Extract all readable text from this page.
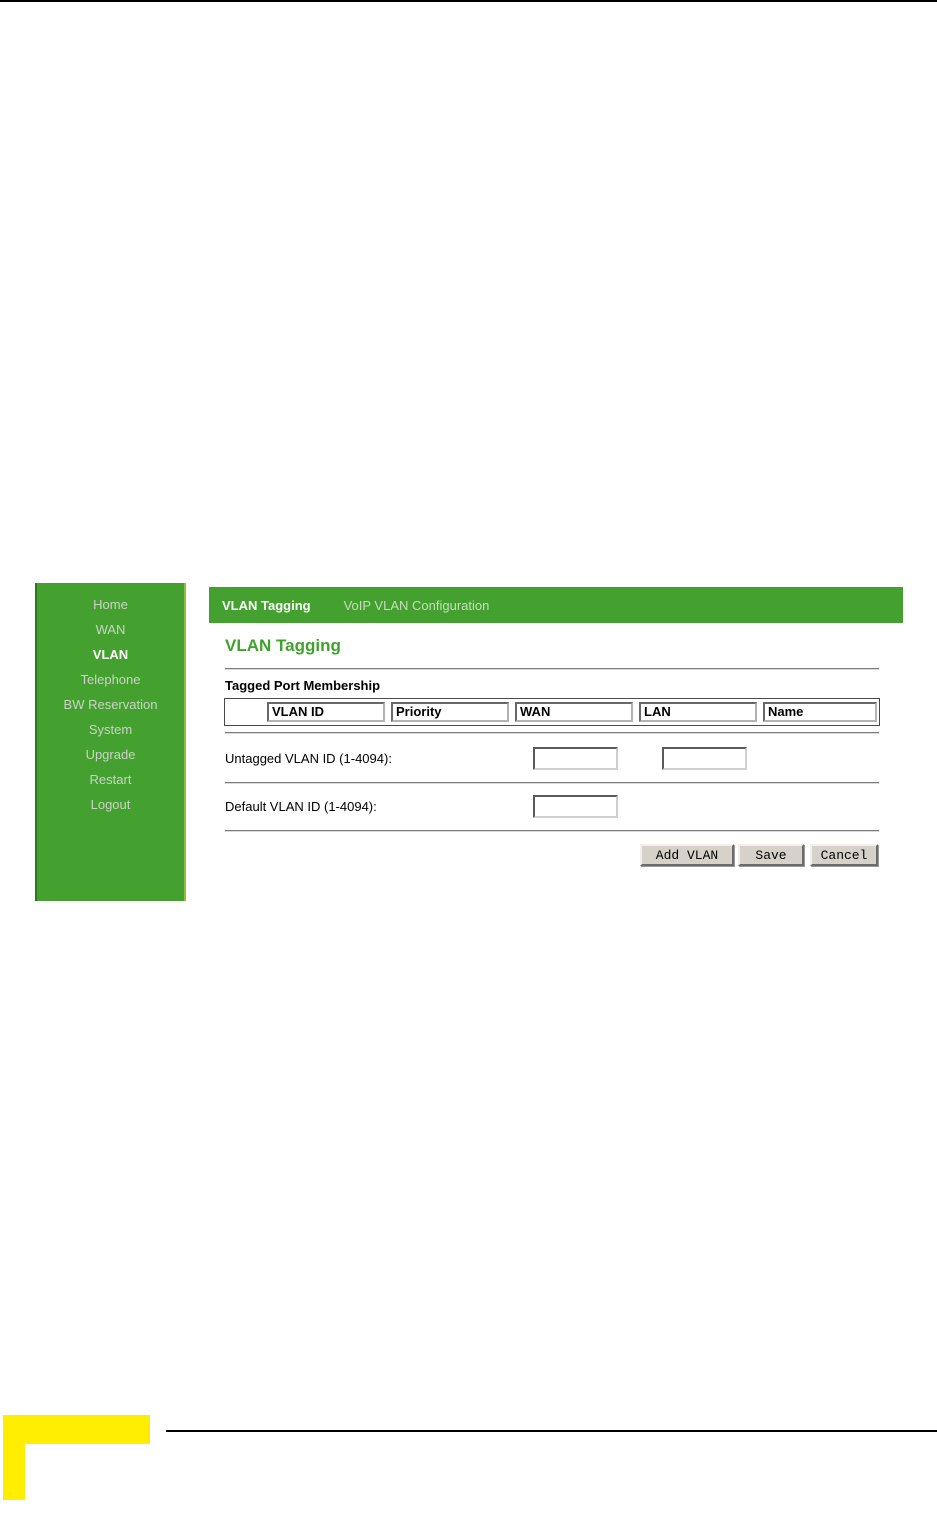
Home
WAN
VLAN
Telephone
BW Reservation
System
Upgrade
Restart
Logout
VLAN Tagging	VoIP VLAN Configuration
VLAN Tagging
Tagged Port Membership
VLAN ID	Priority	WAN	LAN	Name
Untagged VLAN ID (1-4094):
Default VLAN ID (1-4094):
Add VLAN	Save	Cancel
